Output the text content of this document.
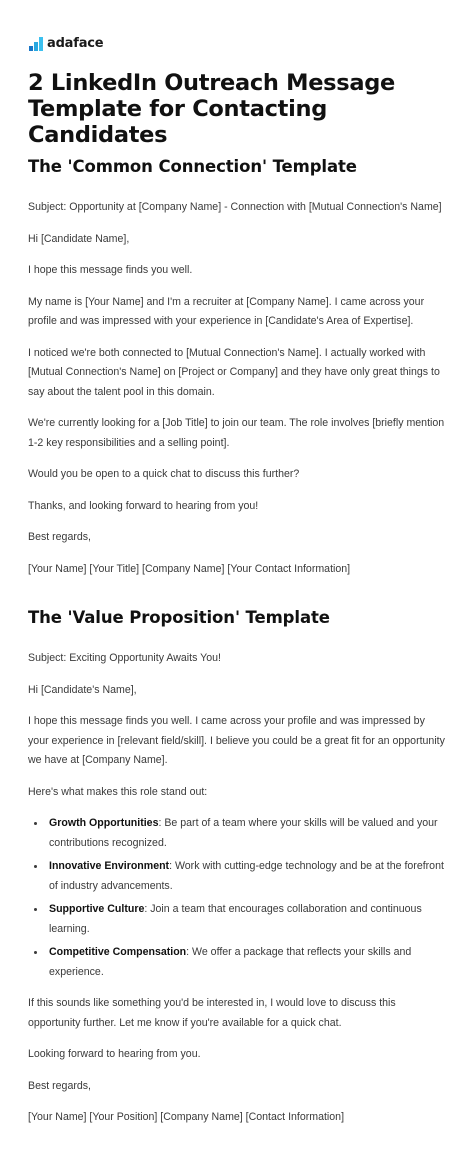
adaface
2 LinkedIn Outreach Message Template for Contacting Candidates
The 'Common Connection' Template

Subject: Opportunity at [Company Name] - Connection with [Mutual Connection's Name]

Hi [Candidate Name],

I hope this message finds you well.

My name is [Your Name] and I'm a recruiter at [Company Name]. I came across your profile and was impressed with your experience in [Candidate's Area of Expertise].

I noticed we're both connected to [Mutual Connection's Name]. I actually worked with [Mutual Connection's Name] on [Project or Company] and they have only great things to say about the talent pool in this domain.

We're currently looking for a [Job Title] to join our team. The role involves [briefly mention 1-2 key responsibilities and a selling point].

Would you be open to a quick chat to discuss this further?

Thanks, and looking forward to hearing from you!

Best regards,

[Your Name] [Your Title] [Company Name] [Your Contact Information]

The 'Value Proposition' Template

Subject: Exciting Opportunity Awaits You!

Hi [Candidate's Name],

I hope this message finds you well. I came across your profile and was impressed by your experience in [relevant field/skill]. I believe you could be a great fit for an opportunity we have at [Company Name].

Here's what makes this role stand out:

Growth Opportunities: Be part of a team where your skills will be valued and your contributions recognized.
Innovative Environment: Work with cutting-edge technology and be at the forefront of industry advancements.
Supportive Culture: Join a team that encourages collaboration and continuous learning.
Competitive Compensation: We offer a package that reflects your skills and experience.

If this sounds like something you'd be interested in, I would love to discuss this opportunity further. Let me know if you're available for a quick chat.

Looking forward to hearing from you.

Best regards,

[Your Name] [Your Position] [Company Name] [Contact Information]
